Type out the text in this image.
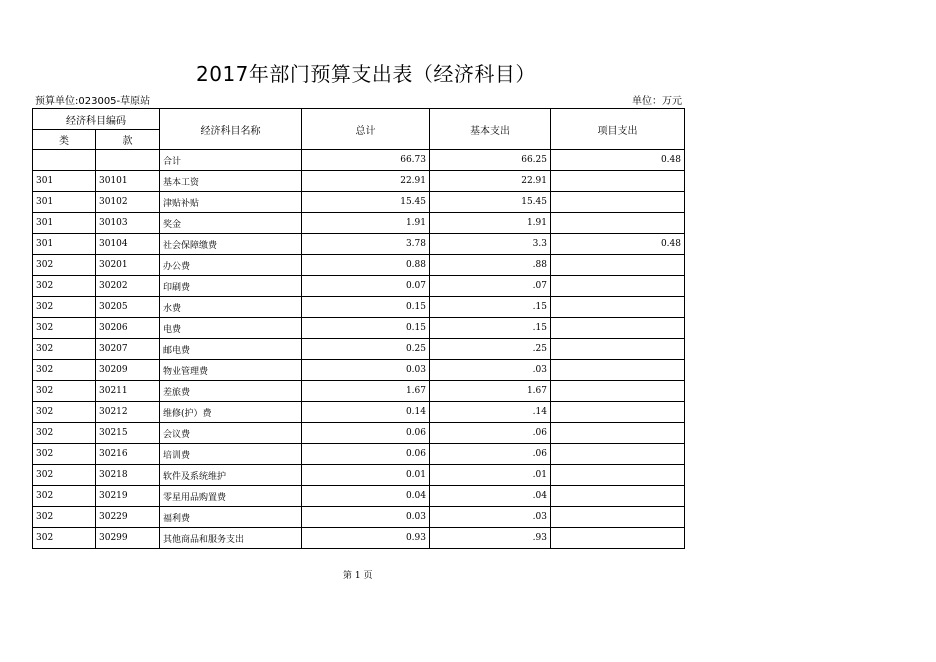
2017年部门预算支出表（经济科目）
预算单位:023005-草原站	单位：万元
经济科目编码		经济科目名称	总计	基本支出	项目支出
类	款				
		合计	66.73	66.25	0.48
301	30101	基本工资	22.91	22.91	
301	30102	津贴补贴	15.45	15.45	
301	30103	奖金	1.91	1.91	
301	30104	社会保障缴费	3.78	3.3	0.48
302	30201	办公费	0.88	.88	
302	30202	印刷费	0.07	.07	
302	30205	水费	0.15	.15	
302	30206	电费	0.15	.15	
302	30207	邮电费	0.25	.25	
302	30209	物业管理费	0.03	.03	
302	30211	差旅费	1.67	1.67	
302	30212	维修(护）费	0.14	.14	
302	30215	会议费	0.06	.06	
302	30216	培训费	0.06	.06	
302	30218	软件及系统维护	0.01	.01	
302	30219	零星用品购置费	0.04	.04	
302	30229	福利费	0.03	.03	
302	30299	其他商品和服务支出	0.93	.93	
第 1 页
